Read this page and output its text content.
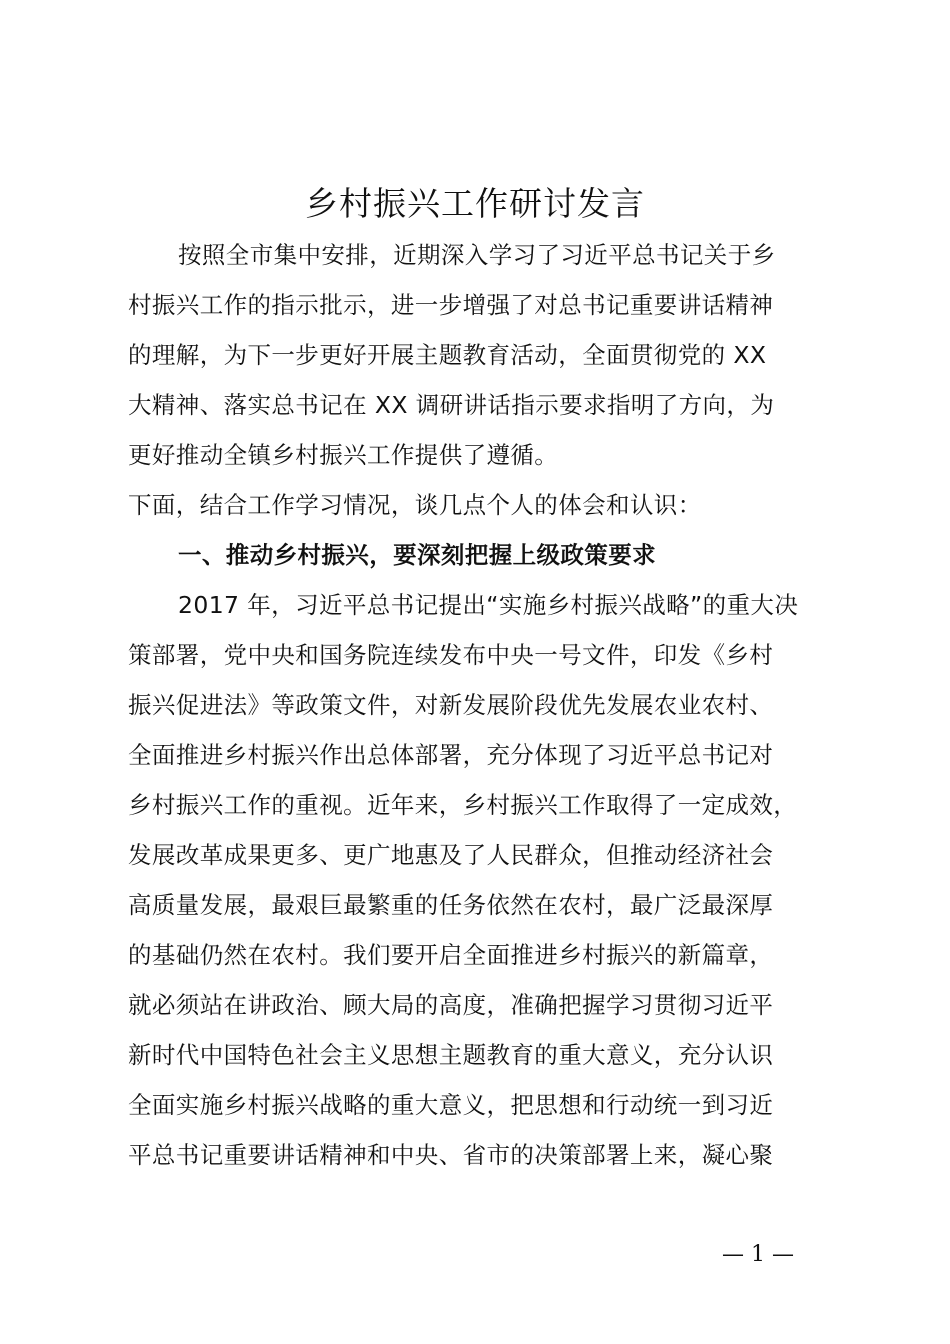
乡村振兴工作研讨发言
按照全市集中安排，近期深入学习了习近平总书记关于乡
村振兴工作的指示批示，进一步增强了对总书记重要讲话精神
的理解，为下一步更好开展主题教育活动，全面贯彻党的 XX
大精神、落实总书记在 XX 调研讲话指示要求指明了方向，为
更好推动全镇乡村振兴工作提供了遵循。
下面，结合工作学习情况，谈几点个人的体会和认识：
一、推动乡村振兴，要深刻把握上级政策要求
2017 年，习近平总书记提出“实施乡村振兴战略”的重大决
策部署，党中央和国务院连续发布中央一号文件，印发《乡村
振兴促进法》等政策文件，对新发展阶段优先发展农业农村、
全面推进乡村振兴作出总体部署，充分体现了习近平总书记对
乡村振兴工作的重视。近年来，乡村振兴工作取得了一定成效，
发展改革成果更多、更广地惠及了人民群众，但推动经济社会
高质量发展，最艰巨最繁重的任务依然在农村，最广泛最深厚
的基础仍然在农村。我们要开启全面推进乡村振兴的新篇章，
就必须站在讲政治、顾大局的高度，准确把握学习贯彻习近平
新时代中国特色社会主义思想主题教育的重大意义，充分认识
全面实施乡村振兴战略的重大意义，把思想和行动统一到习近
平总书记重要讲话精神和中央、省市的决策部署上来，凝心聚
— 1 —
